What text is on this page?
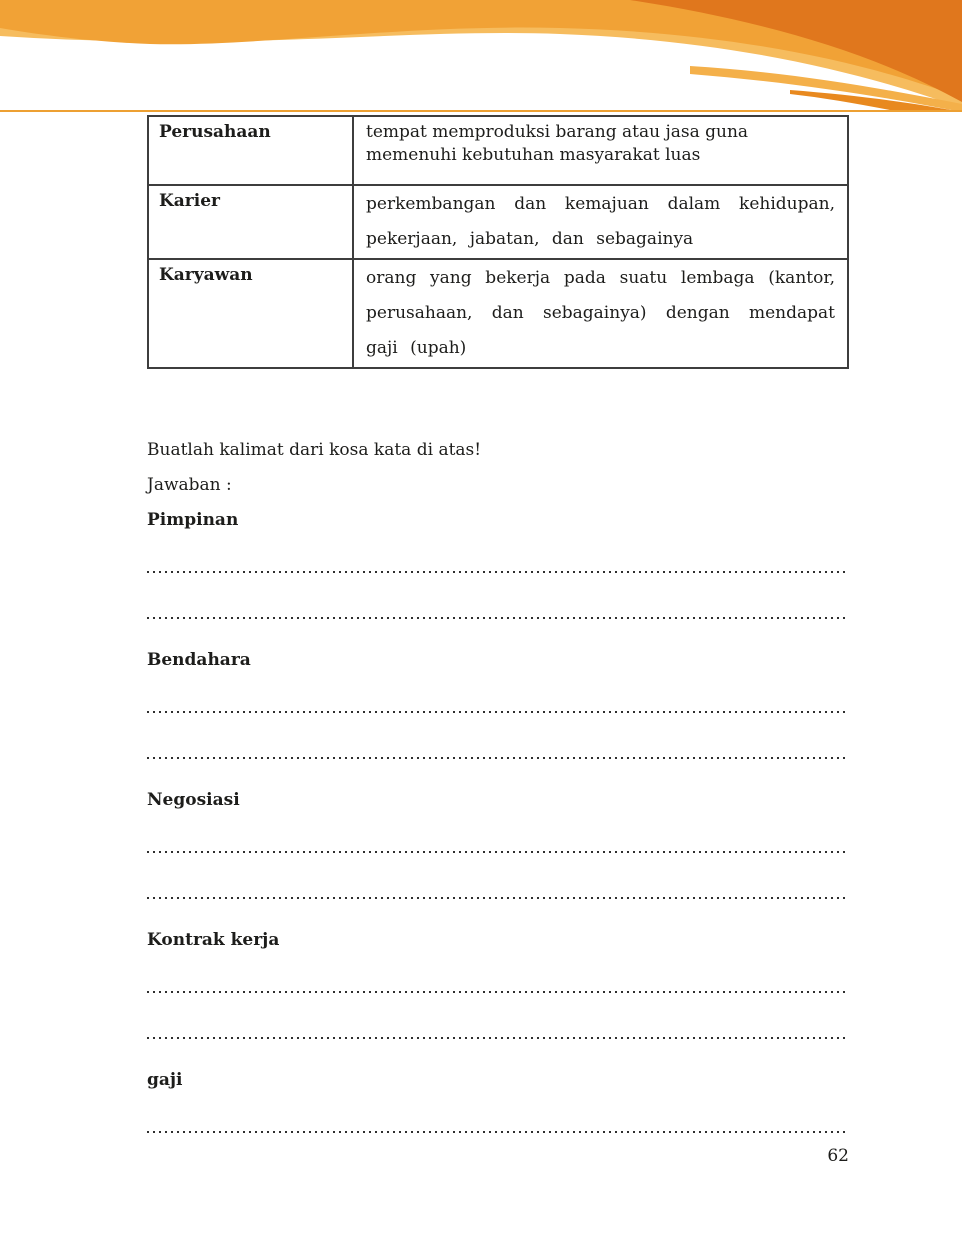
Perusahaan	tempat memproduksi barang atau jasa guna memenuhi kebutuhan masyarakat luas
Karier	perkembangan dan kemajuan dalam kehidupan, pekerjaan, jabatan, dan sebagainya
Karyawan	orang yang bekerja pada suatu lembaga (kantor, perusahaan, dan sebagainya) dengan mendapat gaji (upah)

Buatlah kalimat dari kosa kata di atas!

Jawaban :

Pimpinan
Bendahara
Negosiasi
Kontrak kerja
gaji
62
